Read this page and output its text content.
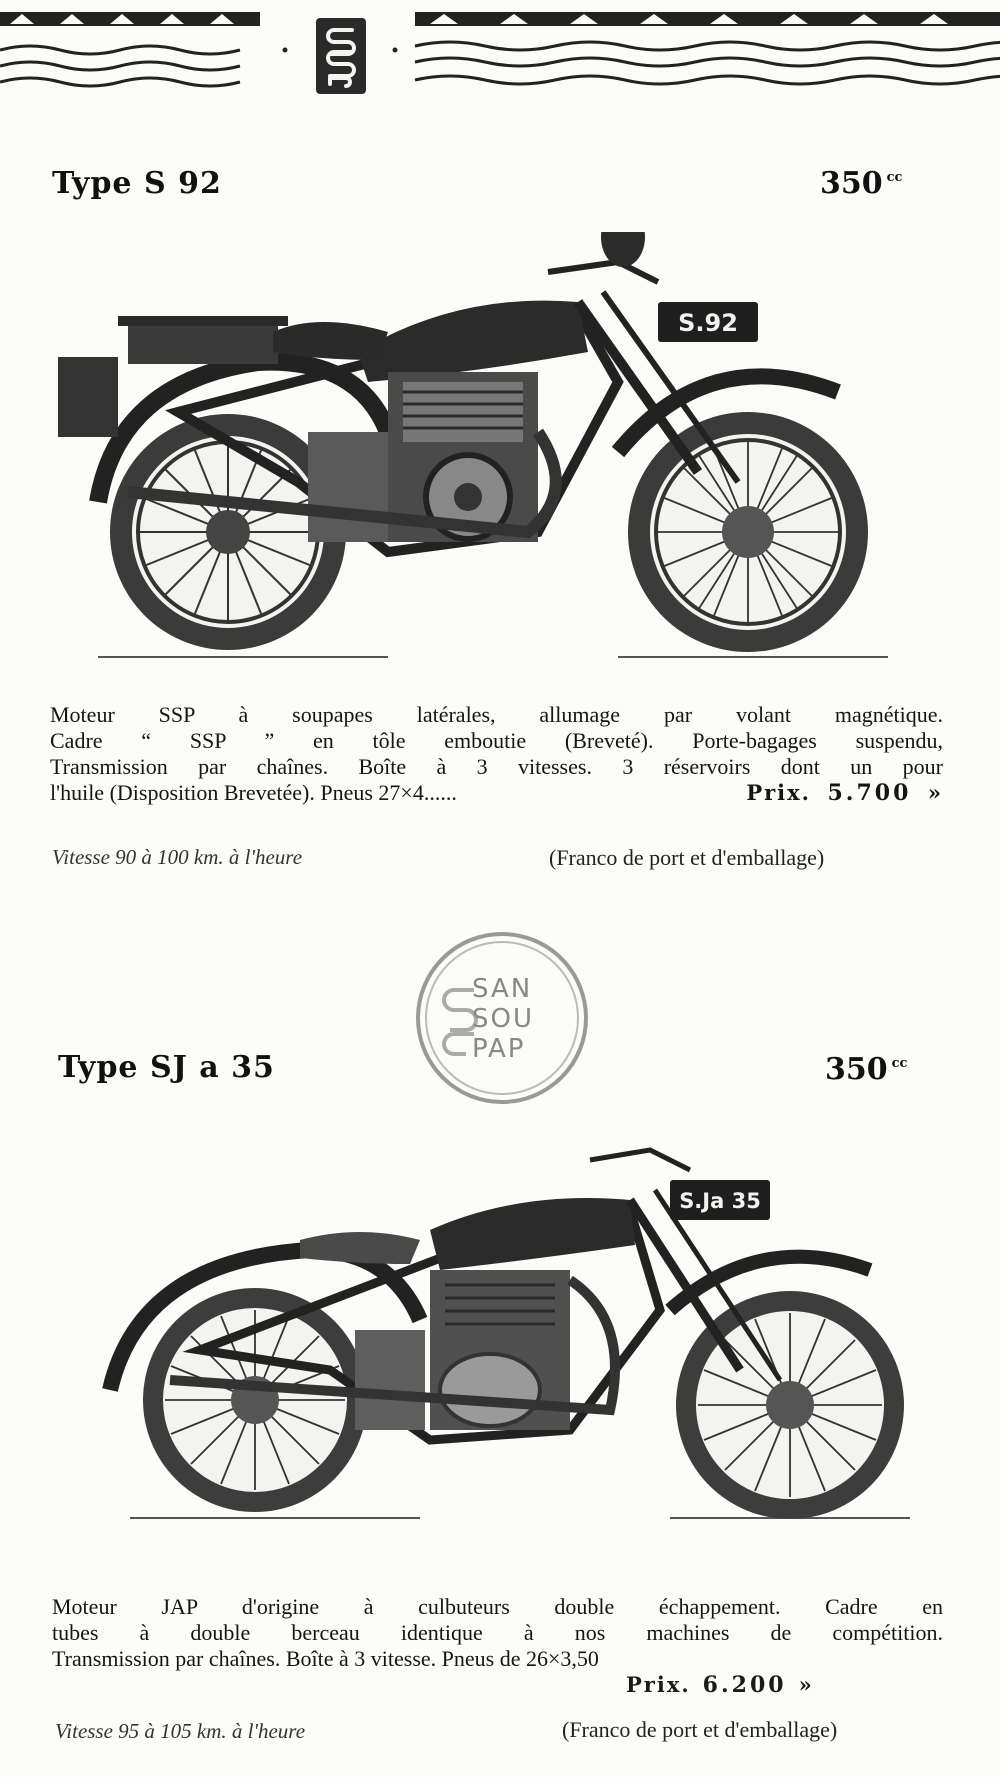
Type S 92	350 $^{cc}$
S.92
Moteur SSP à soupapes latérales, allumage par volant magnétique.
Cadre “ SSP ” en tôle emboutie (Breveté). Porte-bagages suspendu,
Transmission par chaînes. Boîte à 3 vitesses. 3 réservoirs dont un pour
l'huile (Disposition Brevetée). Pneus 27×4......	Prix. 5.700 »
Vitesse 90 à 100 km. à l'heure	(Franco de port et d'emballage)
SAN
SOU
PAP
Type SJ a 35	350 $^{cc}$
S.Ja 35
Moteur JAP d'origine à culbuteurs double échappement. Cadre en
tubes à double berceau identique à nos machines de compétition.
Transmission par chaînes. Boîte à 3 vitesse. Pneus de 26×3,50
Prix. 6.200 »
Vitesse 95 à 105 km. à l'heure	(Franco de port et d'emballage)
